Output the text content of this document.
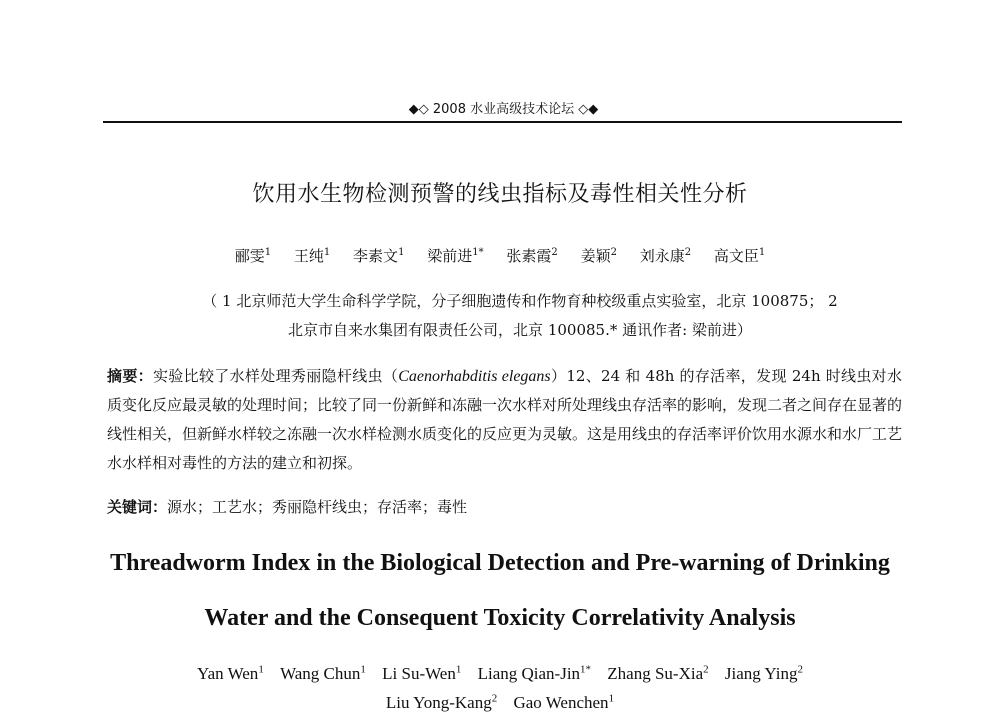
◆◇ 2008 水业高级技术论坛 ◇◆
饮用水生物检测预警的线虫指标及毒性相关性分析
郦雯$^1$ 王纯$^1$ 李素文$^1$ 梁前进$^{1*}$ 张素霞$^2$ 姜颖$^2$ 刘永康$^2$ 高文臣$^1$
（ 1 北京师范大学生命科学学院，分子细胞遗传和作物育种校级重点实验室，北京 100875； 2
北京市自来水集团有限责任公司，北京 100085.* 通讯作者: 梁前进）
摘要：实验比较了水样处理秀丽隐杆线虫（Caenorhabditis elegans）12、24 和 48h 的存活率，发现 24h 时线虫对水质变化反应最灵敏的处理时间；比较了同一份新鲜和冻融一次水样对所处理线虫存活率的影响，发现二者之间存在显著的线性相关，但新鲜水样较之冻融一次水样检测水质变化的反应更为灵敏。这是用线虫的存活率评价饮用水源水和水厂工艺水水样相对毒性的方法的建立和初探。
关键词：源水；工艺水；秀丽隐杆线虫；存活率；毒性
Threadworm Index in the Biological Detection and Pre-warning of Drinking
Water and the Consequent Toxicity Correlativity Analysis
Yan Wen$^1$ Wang Chun$^1$ Li Su-Wen$^1$ Liang Qian-Jin$^{1*}$ Zhang Su-Xia$^2$ Jiang Ying$^2$
Liu Yong-Kang$^2$ Gao Wenchen$^1$
